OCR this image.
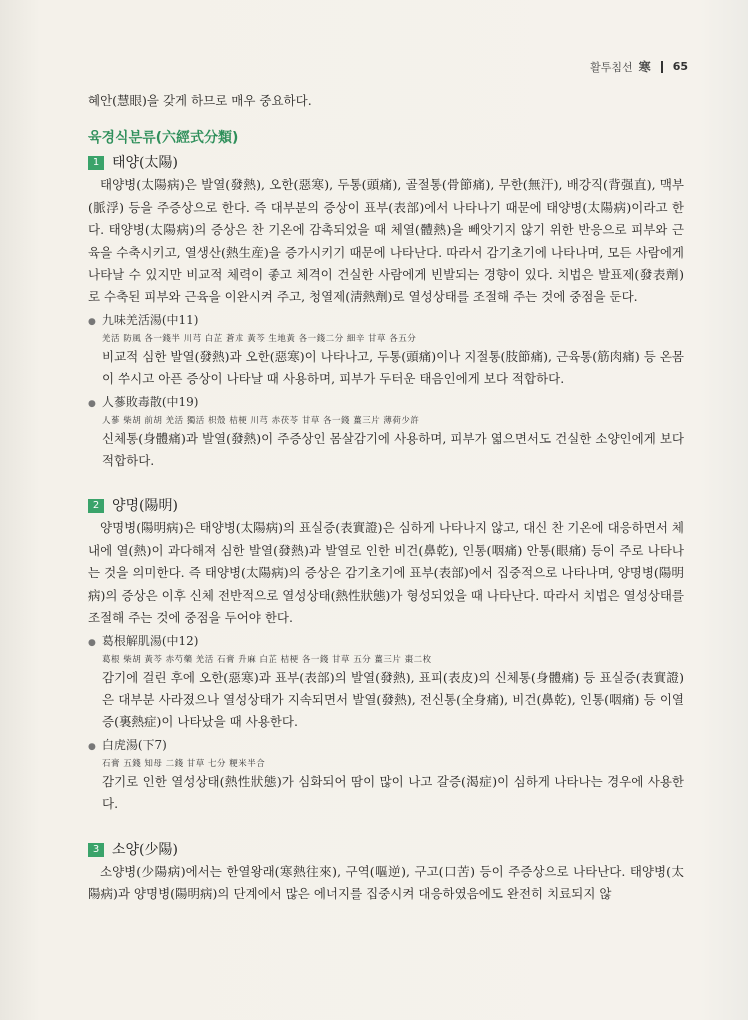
활투침선 寒 65

혜안(慧眼)을 갖게 하므로 매우 중요하다.

육경식분류(六經式分類)
1 태양(太陽)

태양병(太陽病)은 발열(發熱), 오한(惡寒), 두통(頭痛), 골절통(骨節痛), 무한(無汗), 배강직(背强直), 맥부(脈浮) 등을 주증상으로 한다. 즉 대부분의 증상이 표부(表部)에서 나타나기 때문에 태양병(太陽病)이라고 한다. 태양병(太陽病)의 증상은 찬 기온에 감촉되었을 때 체열(體熱)을 빼앗기지 않기 위한 반응으로 피부와 근육을 수축시키고, 열생산(熱生産)을 증가시키기 때문에 나타난다. 따라서 감기초기에 나타나며, 모든 사람에게 나타날 수 있지만 비교적 체력이 좋고 체격이 건실한 사람에게 빈발되는 경향이 있다. 치법은 발표제(發表劑)로 수축된 피부와 근육을 이완시켜 주고, 청열제(淸熱劑)로 열성상태를 조절해 주는 것에 중점을 둔다.

● 九味羌活湯(中11)
羌活 防風 各一錢半 川芎 白芷 蒼朮 黃芩 生地黃 各一錢二分 細辛 甘草 各五分

비교적 심한 발열(發熱)과 오한(惡寒)이 나타나고, 두통(頭痛)이나 지절통(肢節痛), 근육통(筋肉痛) 등 온몸이 쑤시고 아픈 증상이 나타날 때 사용하며, 피부가 두터운 태음인에게 보다 적합하다.

● 人蔘敗毒散(中19)
人蔘 柴胡 前胡 羌活 獨活 枳殼 桔梗 川芎 赤茯苓 甘草 各一錢 薑三片 薄荷少許

신체통(身體痛)과 발열(發熱)이 주증상인 몸살감기에 사용하며, 피부가 엷으면서도 건실한 소양인에게 보다 적합하다.

2 양명(陽明)

양명병(陽明病)은 태양병(太陽病)의 표실증(表實證)은 심하게 나타나지 않고, 대신 찬 기온에 대응하면서 체내에 열(熱)이 과다해져 심한 발열(發熱)과 발열로 인한 비건(鼻乾), 인통(咽痛) 안통(眼痛) 등이 주로 나타나는 것을 의미한다. 즉 태양병(太陽病)의 증상은 감기초기에 표부(表部)에서 집중적으로 나타나며, 양명병(陽明病)의 증상은 이후 신체 전반적으로 열성상태(熱性狀態)가 형성되었을 때 나타난다. 따라서 치법은 열성상태를 조절해 주는 것에 중점을 두어야 한다.

● 葛根解肌湯(中12)
葛根 柴胡 黃芩 赤芍藥 羌活 石膏 升麻 白芷 桔梗 各一錢 甘草 五分 薑三片 棗二枚

감기에 걸린 후에 오한(惡寒)과 표부(表部)의 발열(發熱), 표피(表皮)의 신체통(身體痛) 등 표실증(表實證)은 대부분 사라졌으나 열성상태가 지속되면서 발열(發熱), 전신통(全身痛), 비건(鼻乾), 인통(咽痛) 등 이열증(裏熱症)이 나타났을 때 사용한다.

● 白虎湯(下7)
石膏 五錢 知母 二錢 甘草 七分 粳米半合

감기로 인한 열성상태(熱性狀態)가 심화되어 땀이 많이 나고 갈증(渴症)이 심하게 나타나는 경우에 사용한다.

3 소양(少陽)

소양병(少陽病)에서는 한열왕래(寒熱往來), 구역(嘔逆), 구고(口苦) 등이 주증상으로 나타난다. 태양병(太陽病)과 양명병(陽明病)의 단계에서 많은 에너지를 집중시켜 대응하였음에도 완전히 치료되지 않
